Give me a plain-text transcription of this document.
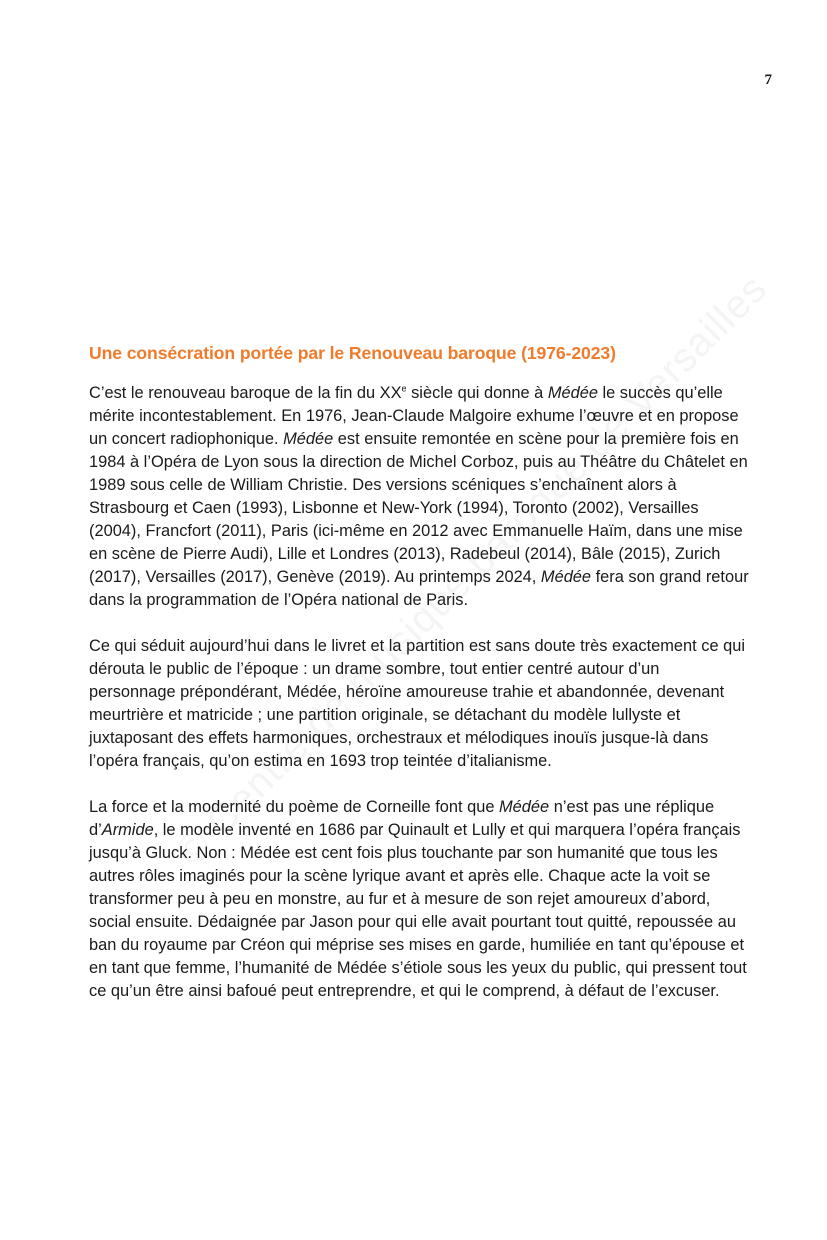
7
Une consécration portée par le Renouveau baroque (1976-2023)

C’est le renouveau baroque de la fin du XXe siècle qui donne à Médée le succès qu’elle mérite incontestablement. En 1976, Jean-Claude Malgoire exhume l’œuvre et en propose un concert radiophonique. Médée est ensuite remontée en scène pour la première fois en 1984 à l’Opéra de Lyon sous la direction de Michel Corboz, puis au Théâtre du Châtelet en 1989 sous celle de William Christie. Des versions scéniques s’enchaînent alors à Strasbourg et Caen (1993), Lisbonne et New-York (1994), Toronto (2002), Versailles (2004), Francfort (2011), Paris (ici-même en 2012 avec Emmanuelle Haïm, dans une mise en scène de Pierre Audi), Lille et Londres (2013), Radebeul (2014), Bâle (2015), Zurich (2017), Versailles (2017), Genève (2019). Au printemps 2024, Médée fera son grand retour dans la programmation de l’Opéra national de Paris.

Ce qui séduit aujourd’hui dans le livret et la partition est sans doute très exactement ce qui dérouta le public de l’époque : un drame sombre, tout entier centré autour d’un personnage prépondérant, Médée, héroïne amoureuse trahie et abandonnée, devenant meurtrière et matricide ; une partition originale, se détachant du modèle lullyste et juxtaposant des effets harmoniques, orchestraux et mélodiques inouïs jusque-là dans l’opéra français, qu’on estima en 1693 trop teintée d’italianisme.

La force et la modernité du poème de Corneille font que Médée n’est pas une réplique d’Armide, le modèle inventé en 1686 par Quinault et Lully et qui marquera l’opéra français jusqu’à Gluck. Non : Médée est cent fois plus touchante par son humanité que tous les autres rôles imaginés pour la scène lyrique avant et après elle. Chaque acte la voit se transformer peu à peu en monstre, au fur et à mesure de son rejet amoureux d’abord, social ensuite. Dédaignée par Jason pour qui elle avait pourtant tout quitté, repoussée au ban du royaume par Créon qui méprise ses mises en garde, humiliée en tant qu’épouse et en tant que femme, l’humanité de Médée s’étiole sous les yeux du public, qui pressent tout ce qu’un être ainsi bafoué peut entreprendre, et qui le comprend, à défaut de l’excuser.
